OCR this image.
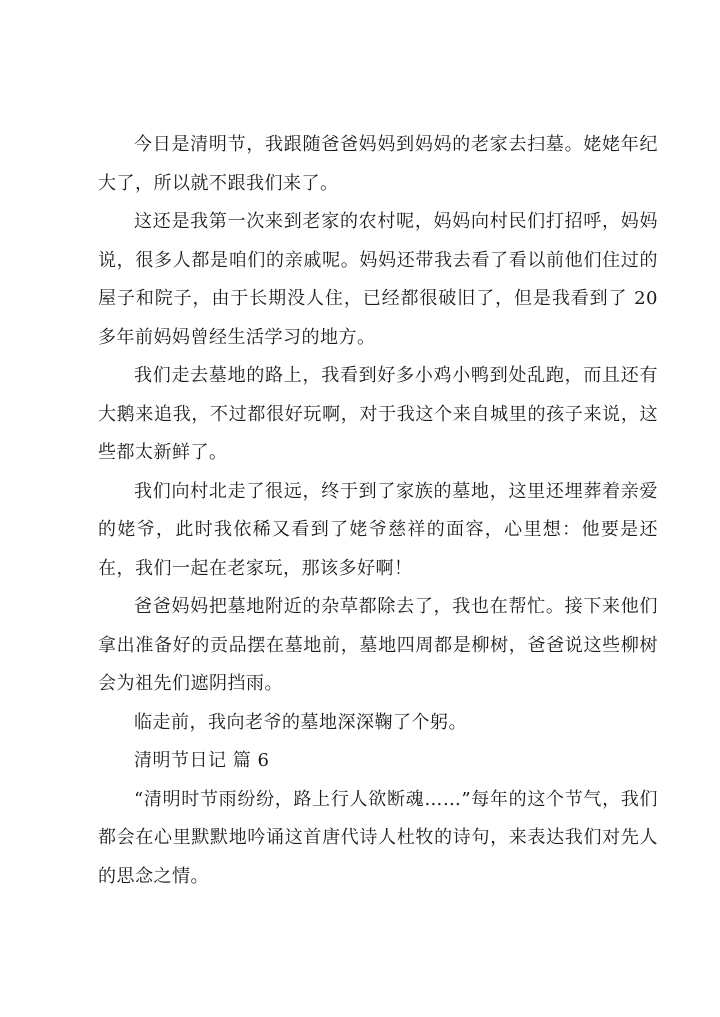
今日是清明节，我跟随爸爸妈妈到妈妈的老家去扫墓。姥姥年纪大了，所以就不跟我们来了。

这还是我第一次来到老家的农村呢，妈妈向村民们打招呼，妈妈说，很多人都是咱们的亲戚呢。妈妈还带我去看了看以前他们住过的屋子和院子，由于长期没人住，已经都很破旧了，但是我看到了 20 多年前妈妈曾经生活学习的地方。

我们走去墓地的路上，我看到好多小鸡小鸭到处乱跑，而且还有大鹅来追我，不过都很好玩啊，对于我这个来自城里的孩子来说，这些都太新鲜了。

我们向村北走了很远，终于到了家族的墓地，这里还埋葬着亲爱的姥爷，此时我依稀又看到了姥爷慈祥的面容，心里想：他要是还在，我们一起在老家玩，那该多好啊！

爸爸妈妈把墓地附近的杂草都除去了，我也在帮忙。接下来他们拿出准备好的贡品摆在墓地前，墓地四周都是柳树，爸爸说这些柳树会为祖先们遮阴挡雨。

临走前，我向老爷的墓地深深鞠了个躬。

清明节日记 篇 6

“清明时节雨纷纷，路上行人欲断魂……”每年的这个节气，我们都会在心里默默地吟诵这首唐代诗人杜牧的诗句，来表达我们对先人的思念之情。
